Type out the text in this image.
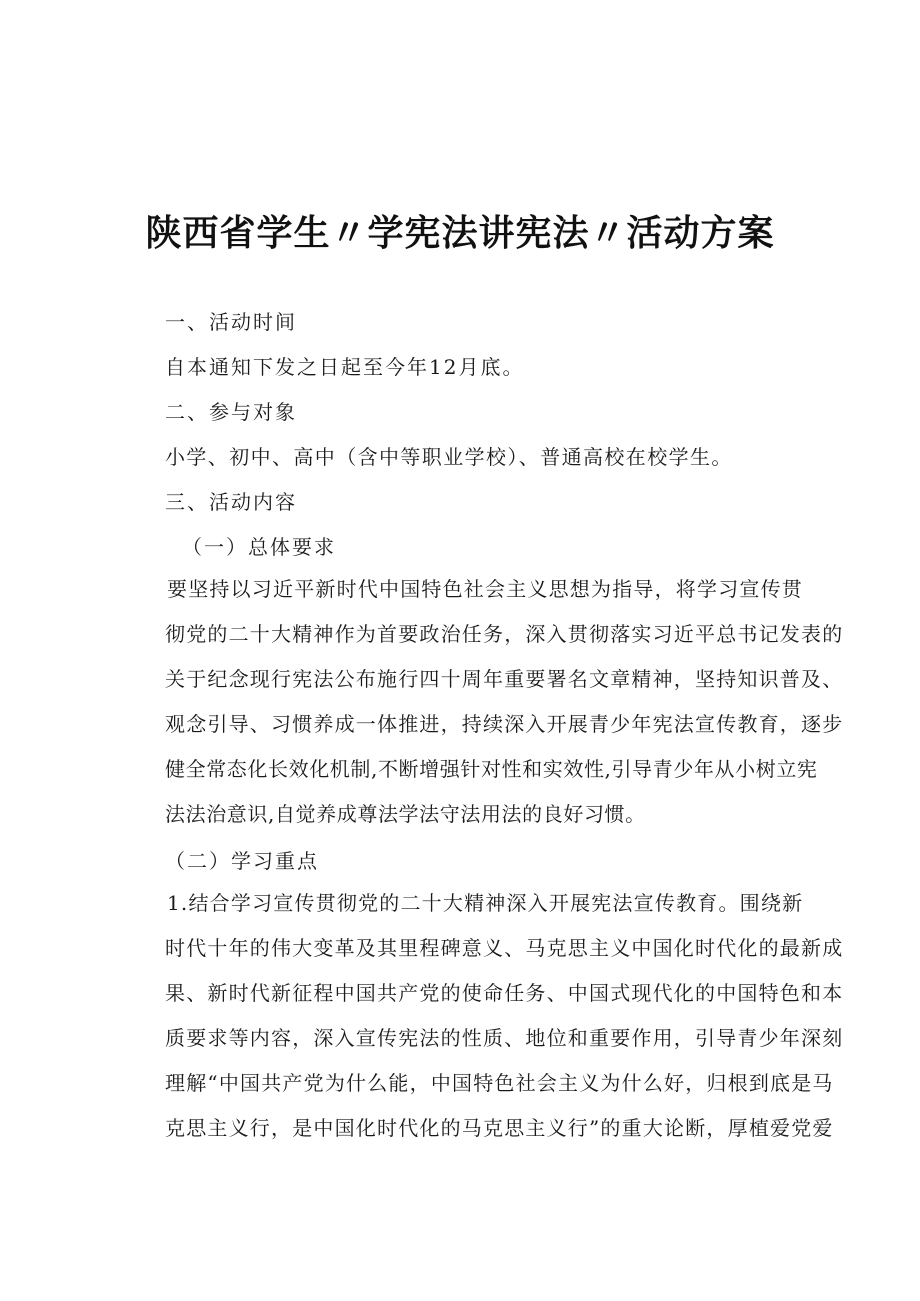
陕西省学生〃学宪法讲宪法〃活动方案
一、活动时间
自本通知下发之日起至今年12月底。
二、参与对象
小学、初中、高中（含中等职业学校）、普通高校在校学生。
三、活动内容
（一）总体要求
要坚持以习近平新时代中国特色社会主义思想为指导，将学习宣传贯
彻党的二十大精神作为首要政治任务，深入贯彻落实习近平总书记发表的
关于纪念现行宪法公布施行四十周年重要署名文章精神，坚持知识普及、
观念引导、习惯养成一体推进，持续深入开展青少年宪法宣传教育，逐步
健全常态化长效化机制,不断增强针对性和实效性,引导青少年从小树立宪
法法治意识,自觉养成尊法学法守法用法的良好习惯。
（二）学习重点
1.结合学习宣传贯彻党的二十大精神深入开展宪法宣传教育。围绕新
时代十年的伟大变革及其里程碑意义、马克思主义中国化时代化的最新成
果、新时代新征程中国共产党的使命任务、中国式现代化的中国特色和本
质要求等内容，深入宣传宪法的性质、地位和重要作用，引导青少年深刻
理解“中国共产党为什么能，中国特色社会主义为什么好，归根到底是马
克思主义行，是中国化时代化的马克思主义行”的重大论断，厚植爱党爱
